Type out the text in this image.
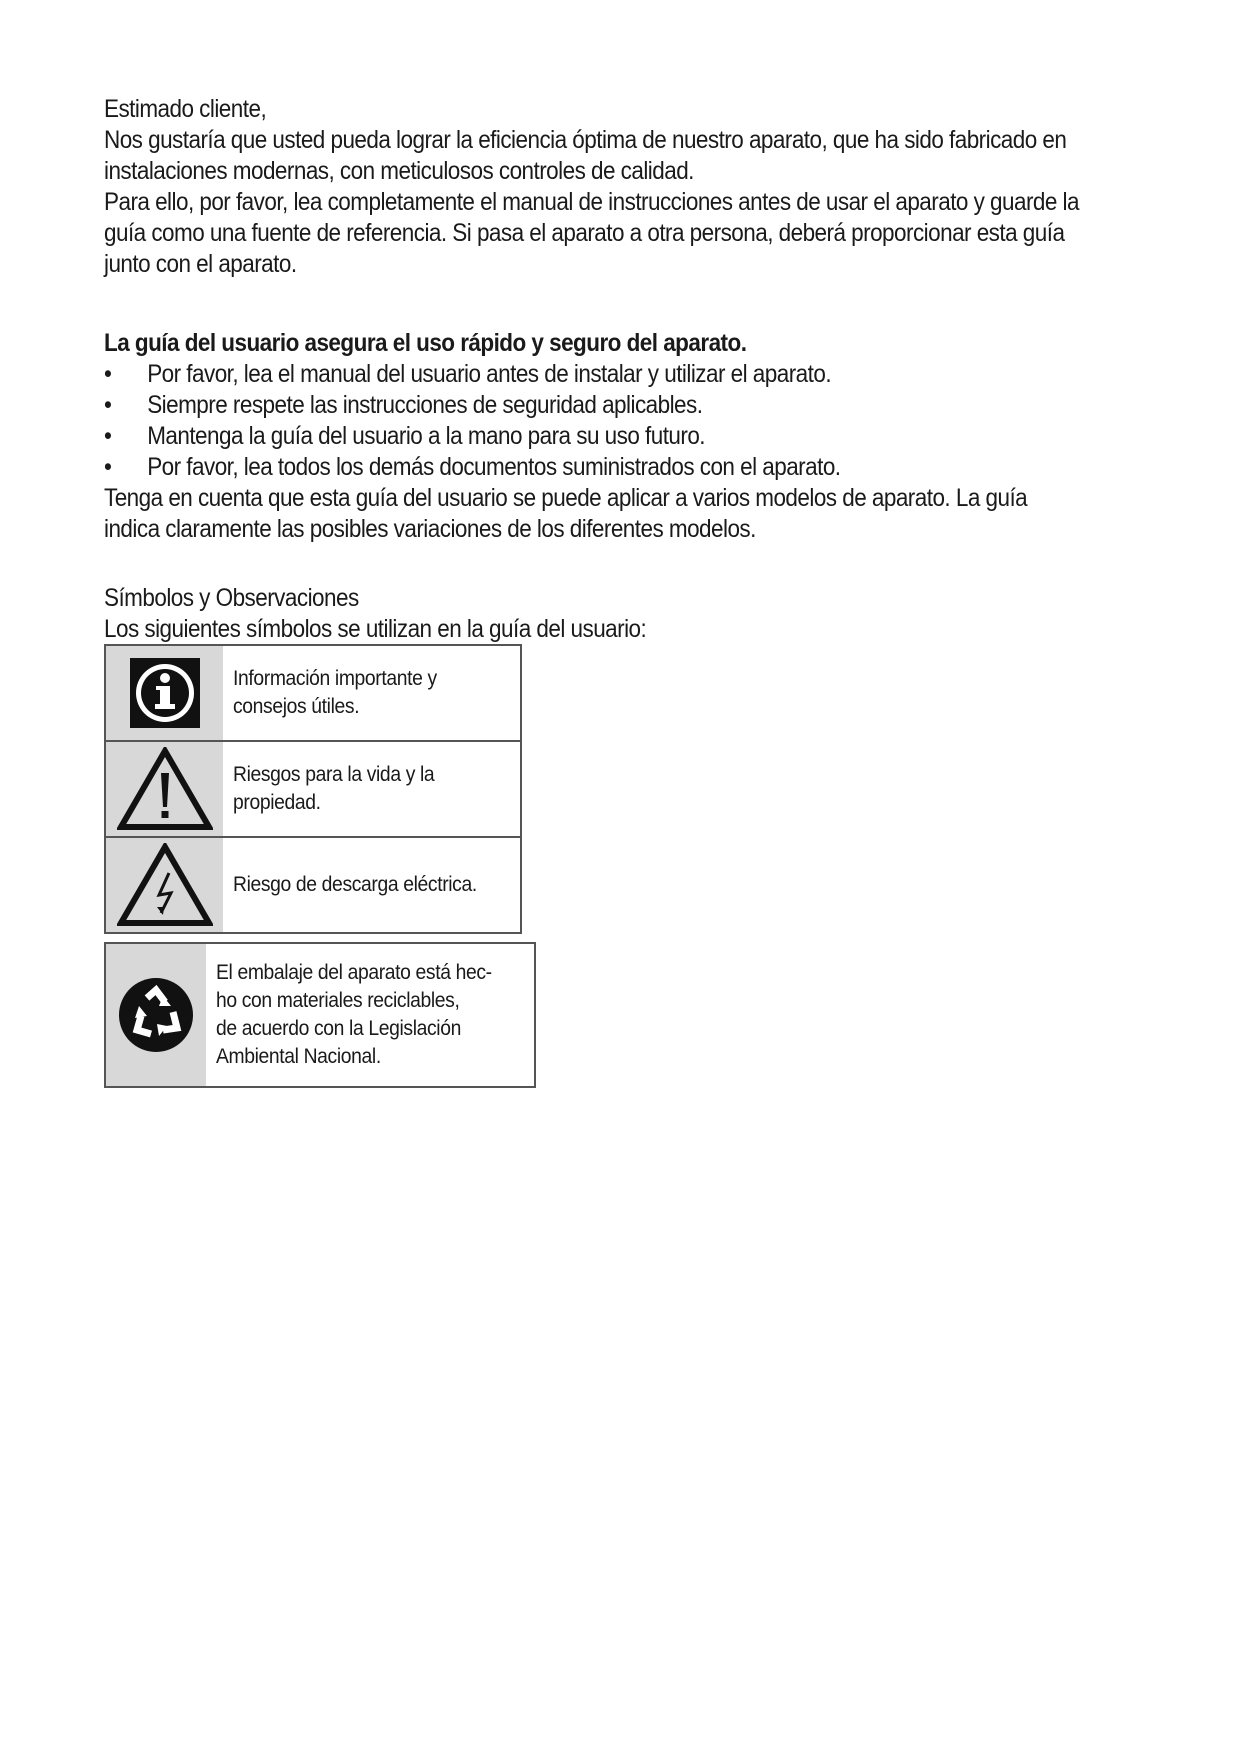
Estimado cliente,

Nos gustaría que usted pueda lograr la eficiencia óptima de nuestro aparato, que ha sido fabricado en

instalaciones modernas, con meticulosos controles de calidad.

Para ello, por favor, lea completamente el manual de instrucciones antes de usar el aparato y guarde la

guía como una fuente de referencia. Si pasa el aparato a otra persona, deberá proporcionar esta guía

junto con el aparato.

La guía del usuario asegura el uso rápido y seguro del aparato.

• Por favor, lea el manual del usuario antes de instalar y utilizar el aparato.
• Siempre respete las instrucciones de seguridad aplicables.
• Mantenga la guía del usuario a la mano para su uso futuro.
• Por favor, lea todos los demás documentos suministrados con el aparato.

Tenga en cuenta que esta guía del usuario se puede aplicar a varios modelos de aparato. La guía

indica claramente las posibles variaciones de los diferentes modelos.

Símbolos y Observaciones

Los siguientes símbolos se utilizan en la guía del usuario:

Información importante y
consejos útiles.
Riesgos para la vida y la
propiedad.
Riesgo de descarga eléctrica.
El embalaje del aparato está hec-
ho con materiales reciclables,
de acuerdo con la Legislación
Ambiental Nacional.
